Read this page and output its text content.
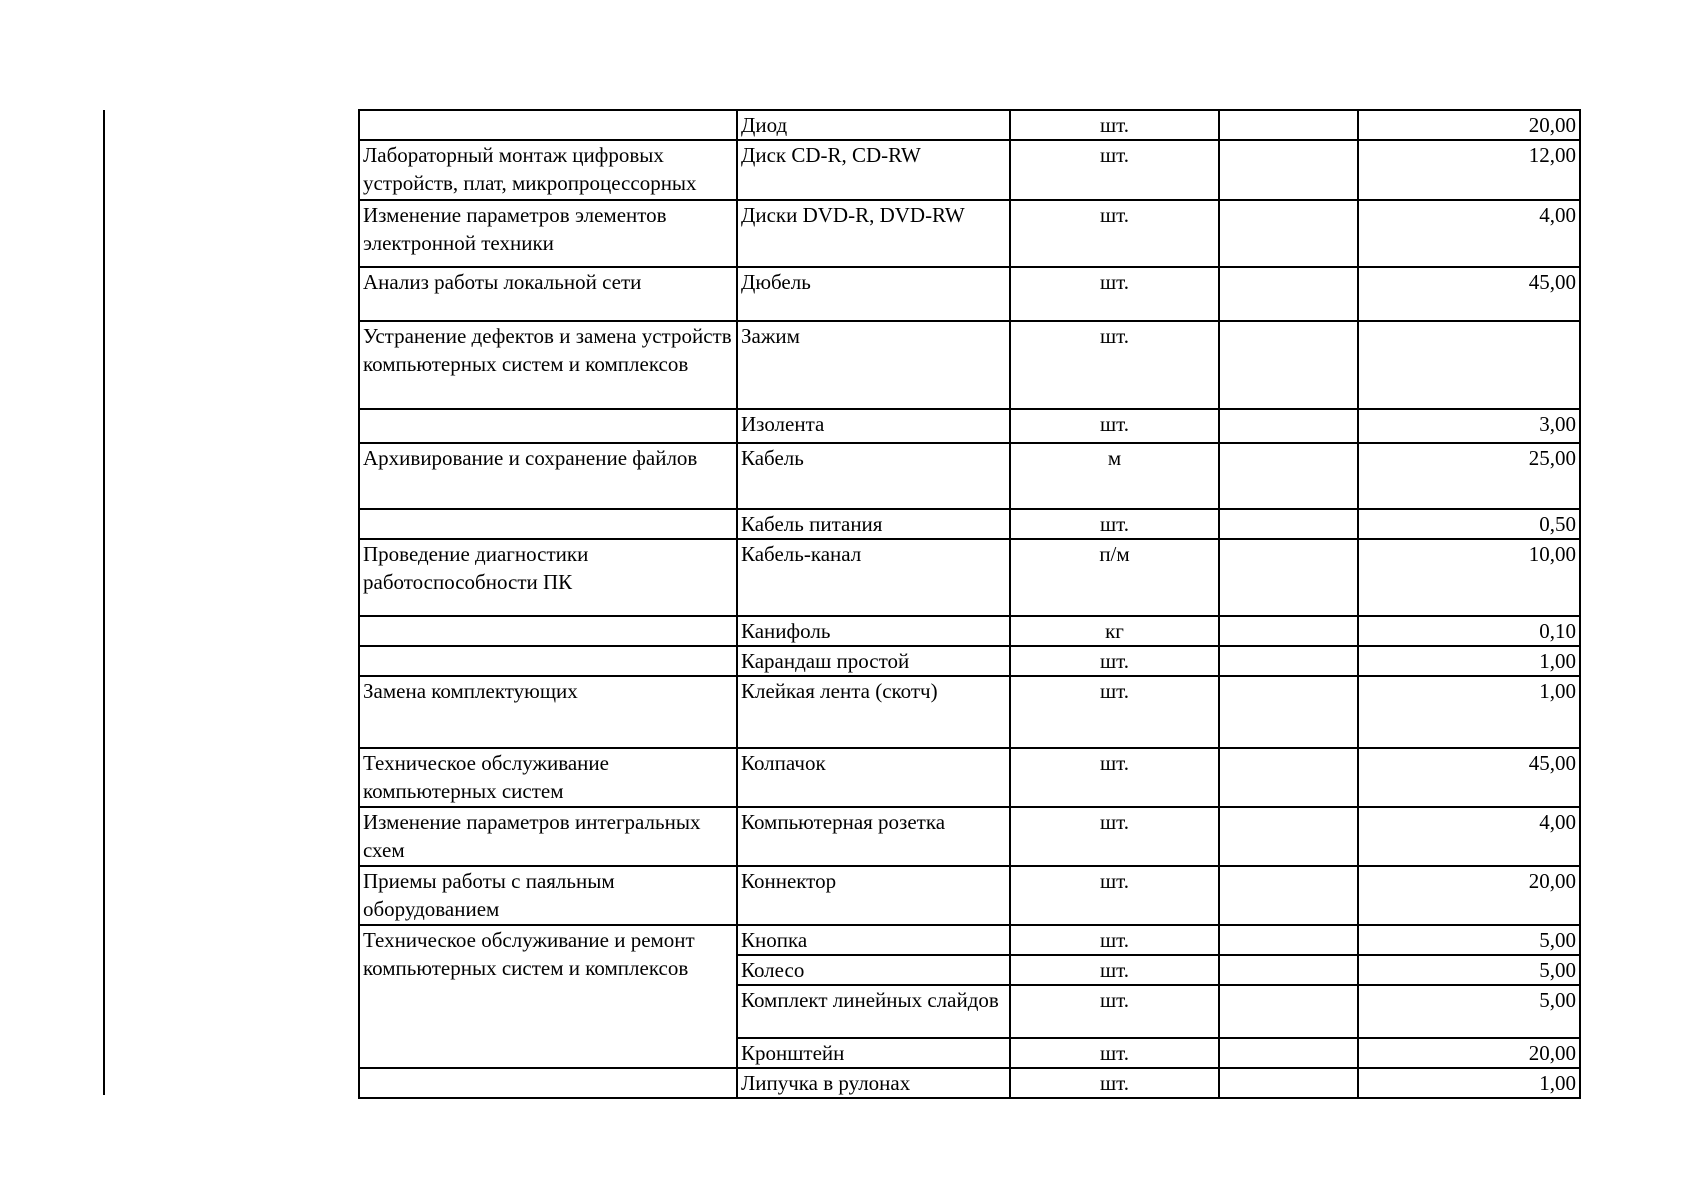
	Диод	шт.		20,00
Лабораторный монтаж цифровых устройств, плат, микропроцессорных	Диск CD-R, CD-RW	шт.		12,00
Изменение параметров элементов электронной техники	Диски DVD-R, DVD-RW	шт.		4,00
Анализ работы локальной сети	Дюбель	шт.		45,00
Устранение дефектов и замена устройств компьютерных систем и комплексов	Зажим	шт.		
	Изолента	шт.		3,00
Архивирование и сохранение файлов	Кабель	м		25,00
	Кабель питания	шт.		0,50
Проведение диагностики работоспособности ПК	Кабель-канал	п/м		10,00
	Канифоль	кг		0,10
	Карандаш простой	шт.		1,00
Замена комплектующих	Клейкая лента (скотч)	шт.		1,00
Техническое обслуживание компьютерных систем	Колпачок	шт.		45,00
Изменение параметров интегральных схем	Компьютерная розетка	шт.		4,00
Приемы работы с паяльным оборудованием	Коннектор	шт.		20,00
Техническое обслуживание и ремонт компьютерных систем и комплексов	Кнопка	шт.		5,00
	Колесо	шт.		5,00
	Комплект линейных слайдов	шт.		5,00
	Кронштейн	шт.		20,00
	Липучка в рулонах	шт.		1,00
